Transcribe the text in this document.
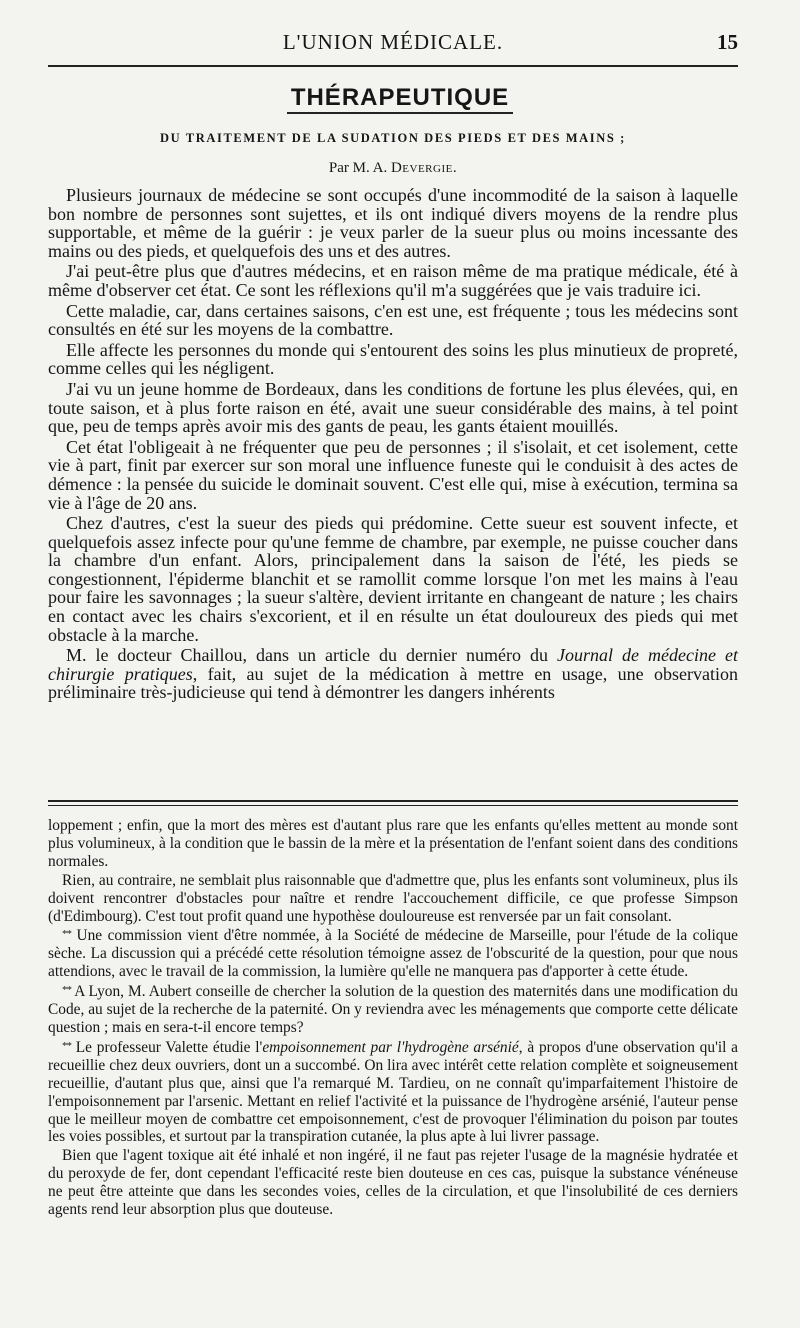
L'UNION MÉDICALE.	15
THÉRAPEUTIQUE
DU TRAITEMENT DE LA SUDATION DES PIEDS ET DES MAINS ;
Par M. A. Devergie.

Plusieurs journaux de médecine se sont occupés d'une incommodité de la saison à laquelle bon nombre de personnes sont sujettes, et ils ont indiqué divers moyens de la rendre plus supportable, et même de la guérir : je veux parler de la sueur plus ou moins incessante des mains ou des pieds, et quelquefois des uns et des autres.

J'ai peut-être plus que d'autres médecins, et en raison même de ma pratique médicale, été à même d'observer cet état. Ce sont les réflexions qu'il m'a suggérées que je vais traduire ici.

Cette maladie, car, dans certaines saisons, c'en est une, est fréquente ; tous les médecins sont consultés en été sur les moyens de la combattre.

Elle affecte les personnes du monde qui s'entourent des soins les plus minutieux de propreté, comme celles qui les négligent.

J'ai vu un jeune homme de Bordeaux, dans les conditions de fortune les plus élevées, qui, en toute saison, et à plus forte raison en été, avait une sueur considérable des mains, à tel point que, peu de temps après avoir mis des gants de peau, les gants étaient mouillés.

Cet état l'obligeait à ne fréquenter que peu de personnes ; il s'isolait, et cet isolement, cette vie à part, finit par exercer sur son moral une influence funeste qui le conduisit à des actes de démence : la pensée du suicide le dominait souvent. C'est elle qui, mise à exécution, termina sa vie à l'âge de 20 ans.

Chez d'autres, c'est la sueur des pieds qui prédomine. Cette sueur est souvent infecte, et quelquefois assez infecte pour qu'une femme de chambre, par exemple, ne puisse coucher dans la chambre d'un enfant. Alors, principalement dans la saison de l'été, les pieds se congestionnent, l'épiderme blanchit et se ramollit comme lorsque l'on met les mains à l'eau pour faire les savonnages ; la sueur s'altère, devient irritante en changeant de nature ; les chairs en contact avec les chairs s'excorient, et il en résulte un état douloureux des pieds qui met obstacle à la marche.

M. le docteur Chaillou, dans un article du dernier numéro du Journal de médecine et chirurgie pratiques, fait, au sujet de la médication à mettre en usage, une observation préliminaire très-judicieuse qui tend à démontrer les dangers inhérents

loppement ; enfin, que la mort des mères est d'autant plus rare que les enfants qu'elles mettent au monde sont plus volumineux, à la condition que le bassin de la mère et la présentation de l'enfant soient dans des conditions normales.

Rien, au contraire, ne semblait plus raisonnable que d'admettre que, plus les enfants sont volumineux, plus ils doivent rencontrer d'obstacles pour naître et rendre l'accouchement difficile, ce que professe Simpson (d'Edimbourg). C'est tout profit quand une hypothèse douloureuse est renversée par un fait consolant.

** Une commission vient d'être nommée, à la Société de médecine de Marseille, pour l'étude de la colique sèche. La discussion qui a précédé cette résolution témoigne assez de l'obscurité de la question, pour que nous attendions, avec le travail de la commission, la lumière qu'elle ne manquera pas d'apporter à cette étude.

** A Lyon, M. Aubert conseille de chercher la solution de la question des maternités dans une modification du Code, au sujet de la recherche de la paternité. On y reviendra avec les ménagements que comporte cette délicate question ; mais en sera-t-il encore temps?

** Le professeur Valette étudie l'empoisonnement par l'hydrogène arsénié, à propos d'une observation qu'il a recueillie chez deux ouvriers, dont un a succombé. On lira avec intérêt cette relation complète et soigneusement recueillie, d'autant plus que, ainsi que l'a remarqué M. Tardieu, on ne connaît qu'imparfaitement l'histoire de l'empoisonnement par l'arsenic. Mettant en relief l'activité et la puissance de l'hydrogène arsénié, l'auteur pense que le meilleur moyen de combattre cet empoisonnement, c'est de provoquer l'élimination du poison par toutes les voies possibles, et surtout par la transpiration cutanée, la plus apte à lui livrer passage.

Bien que l'agent toxique ait été inhalé et non ingéré, il ne faut pas rejeter l'usage de la magnésie hydratée et du peroxyde de fer, dont cependant l'efficacité reste bien douteuse en ces cas, puisque la substance vénéneuse ne peut être atteinte que dans les secondes voies, celles de la circulation, et que l'insolubilité de ces derniers agents rend leur absorption plus que douteuse.
